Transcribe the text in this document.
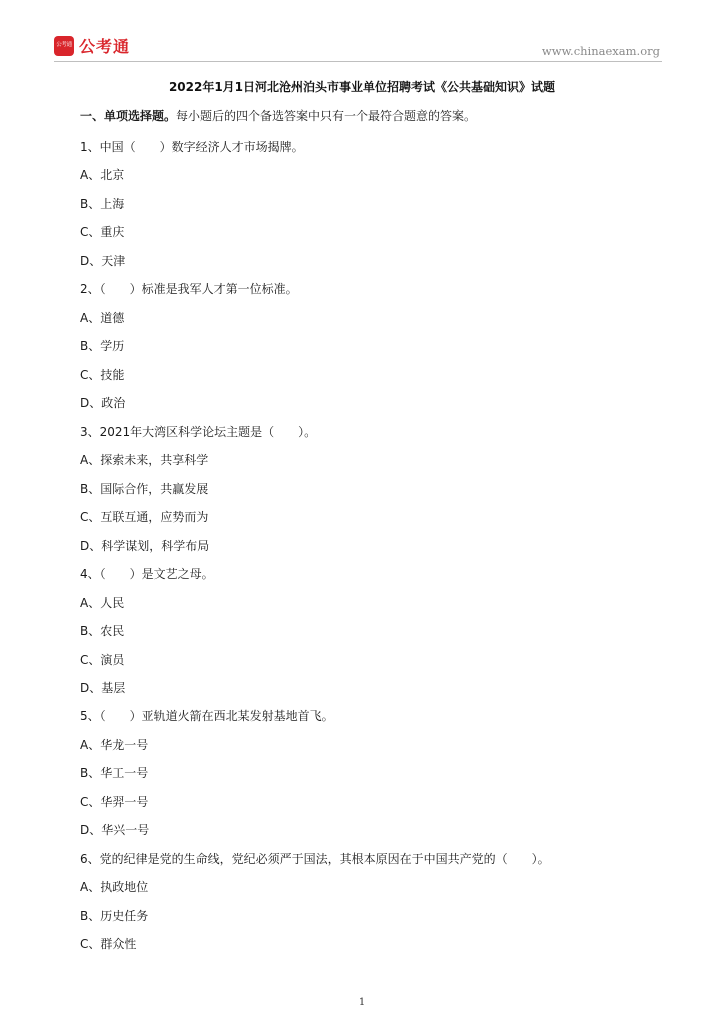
公考通 公考通	www.chinaexam.org
2022年1月1日河北沧州泊头市事业单位招聘考试《公共基础知识》试题
一、单项选择题。每小题后的四个备选答案中只有一个最符合题意的答案。
1、中国（　　）数字经济人才市场揭牌。
A、北京
B、上海
C、重庆
D、天津
2、（　　）标准是我军人才第一位标准。
A、道德
B、学历
C、技能
D、政治
3、2021年大湾区科学论坛主题是（　　）。
A、探索未来，共享科学
B、国际合作，共赢发展
C、互联互通，应势而为
D、科学谋划，科学布局
4、（　　）是文艺之母。
A、人民
B、农民
C、演员
D、基层
5、（　　）亚轨道火箭在西北某发射基地首飞。
A、华龙一号
B、华工一号
C、华羿一号
D、华兴一号
6、党的纪律是党的生命线，党纪必须严于国法，其根本原因在于中国共产党的（　　）。
A、执政地位
B、历史任务
C、群众性
1
